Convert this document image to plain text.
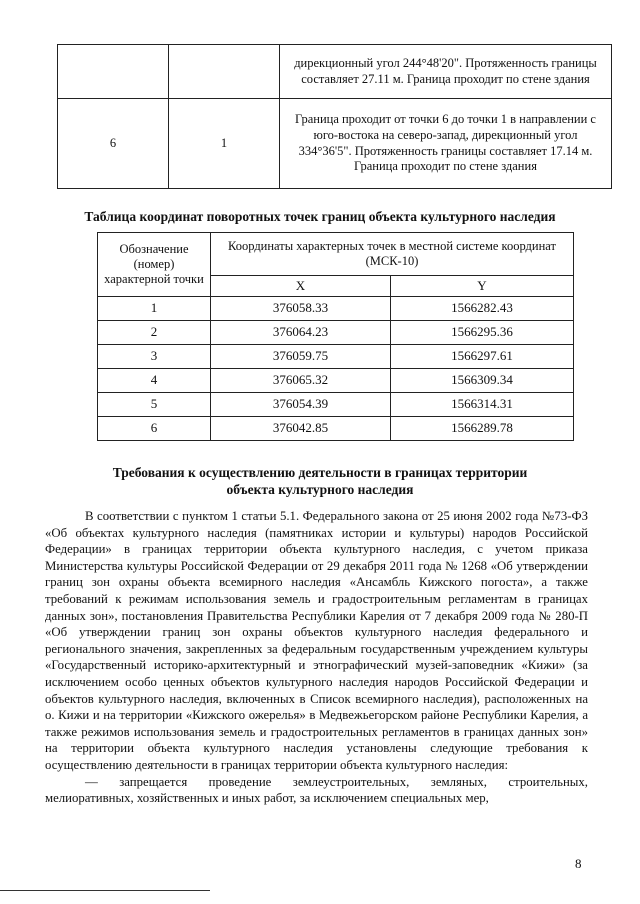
		дирекционный угол 244°48'20". Протяженность границы составляет 27.11 м. Граница проходит по стене здания
6	1	Граница проходит от точки 6 до точки 1 в направлении с юго-востока на северо-запад, дирекционный угол 334°36'5". Протяженность границы составляет 17.14 м. Граница проходит по стене здания
Таблица координат поворотных точек границ объекта культурного наследия
Обозначение (номер) характерной точки	Координаты характерных точек в местной системе координат (МСК-10)	
	X	Y
1	376058.33	1566282.43
2	376064.23	1566295.36
3	376059.75	1566297.61
4	376065.32	1566309.34
5	376054.39	1566314.31
6	376042.85	1566289.78
Требования к осуществлению деятельности в границах территории
объекта культурного наследия

В соответствии с пунктом 1 статьи 5.1. Федерального закона от 25 июня 2002 года №73-ФЗ «Об объектах культурного наследия (памятниках истории и культуры) народов Российской Федерации» в границах территории объекта культурного наследия, с учетом приказа Министерства культуры Российской Федерации от 29 декабря 2011 года № 1268 «Об утверждении границ зон охраны объекта всемирного наследия «Ансамбль Кижского погоста», а также требований к режимам использования земель и градостроительным регламентам в границах данных зон», постановления Правительства Республики Карелия от 7 декабря 2009 года № 280-П «Об утверждении границ зон охраны объектов культурного наследия федерального и регионального значения, закрепленных за федеральным государственным учреждением культуры «Государственный историко-архитектурный и этнографический музей-заповедник «Кижи» (за исключением особо ценных объектов культурного наследия народов Российской Федерации и объектов культурного наследия, включенных в Список всемирного наследия), расположенных на о. Кижи и на территории «Кижского ожерелья» в Медвежьегорском районе Республики Карелия, а также режимов использования земель и градостроительных регламентов в границах данных зон» на территории объекта культурного наследия установлены следующие требования к осуществлению деятельности в границах территории объекта культурного наследия:

— запрещается проведение землеустроительных, земляных, строительных, мелиоративных, хозяйственных и иных работ, за исключением специальных мер,

8
